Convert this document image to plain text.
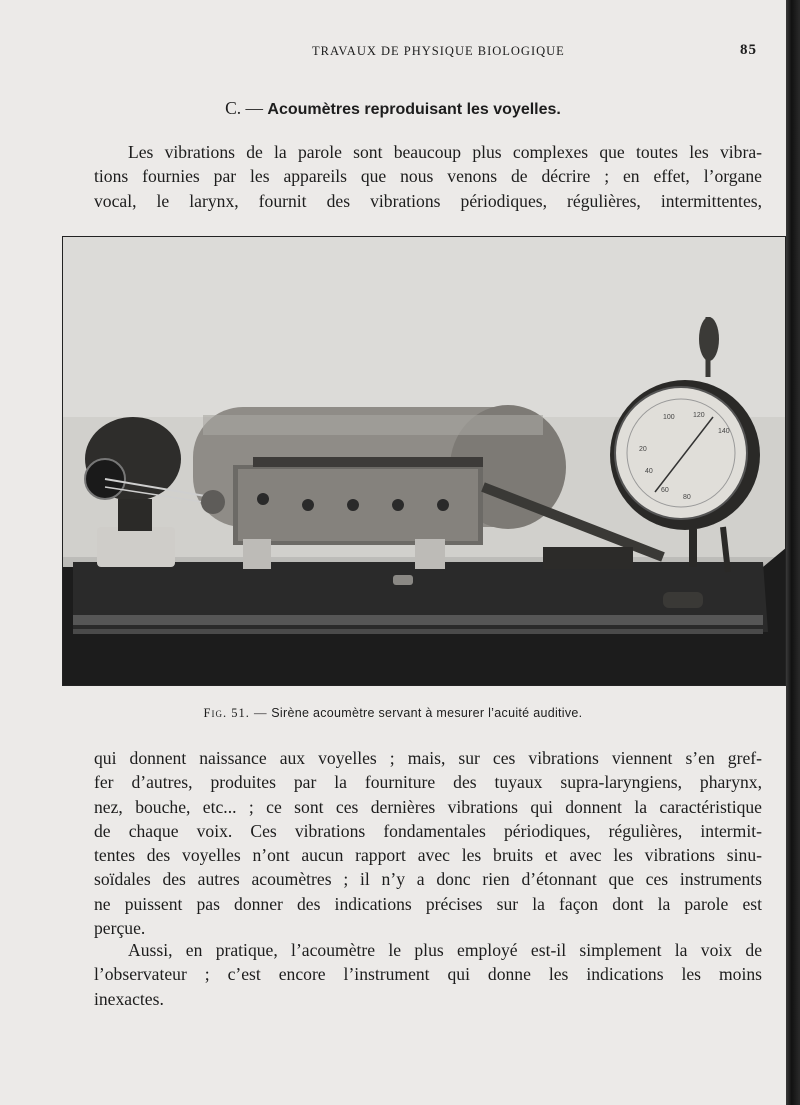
TRAVAUX DE PHYSIQUE BIOLOGIQUE	85
C. — Acoumètres reproduisant les voyelles.
Les vibrations de la parole sont beaucoup plus complexes que toutes les vibra-
tions fournies par les appareils que nous venons de décrire ; en effet, l’organe
vocal, le larynx, fournit des vibrations périodiques, régulières, intermittentes,
100	120
140
20
40
60
80
Fig. 51. — Sirène acoumètre servant à mesurer l’acuité auditive.
qui donnent naissance aux voyelles ; mais, sur ces vibrations viennent s’en gref-
fer d’autres, produites par la fourniture des tuyaux supra-laryngiens, pharynx,
nez, bouche, etc... ; ce sont ces dernières vibrations qui donnent la caractéristique
de chaque voix. Ces vibrations fondamentales périodiques, régulières, intermit-
tentes des voyelles n’ont aucun rapport avec les bruits et avec les vibrations sinu-
soïdales des autres acoumètres ; il n’y a donc rien d’étonnant que ces instruments
ne puissent pas donner des indications précises sur la façon dont la parole est
perçue.
Aussi, en pratique, l’acoumètre le plus employé est-il simplement la voix de
l’observateur ; c’est encore l’instrument qui donne les indications les moins
inexactes.
